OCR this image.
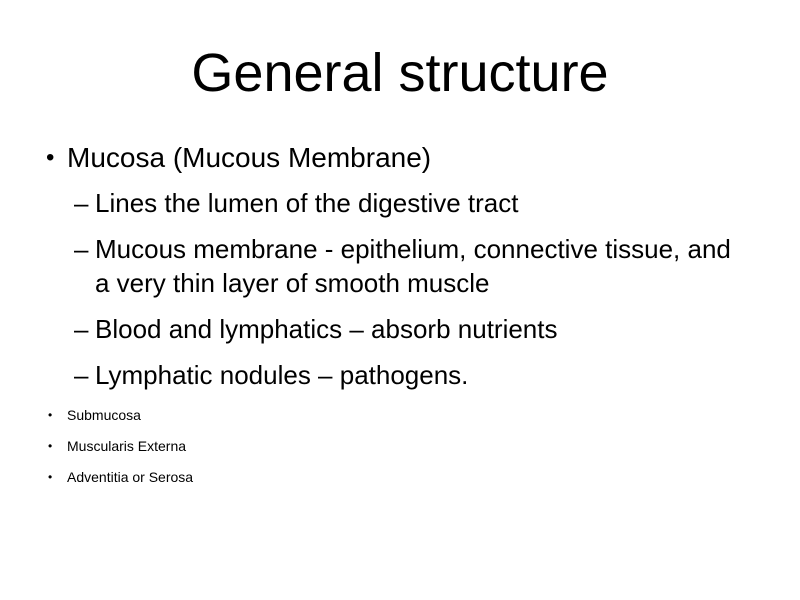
General structure
• Mucosa (Mucous Membrane)
– Lines the lumen of the digestive tract
– Mucous membrane - epithelium, connective tissue, and a very thin layer of smooth muscle
– Blood and lymphatics – absorb nutrients
– Lymphatic nodules – pathogens.
• Submucosa
• Muscularis Externa
• Adventitia or Serosa
